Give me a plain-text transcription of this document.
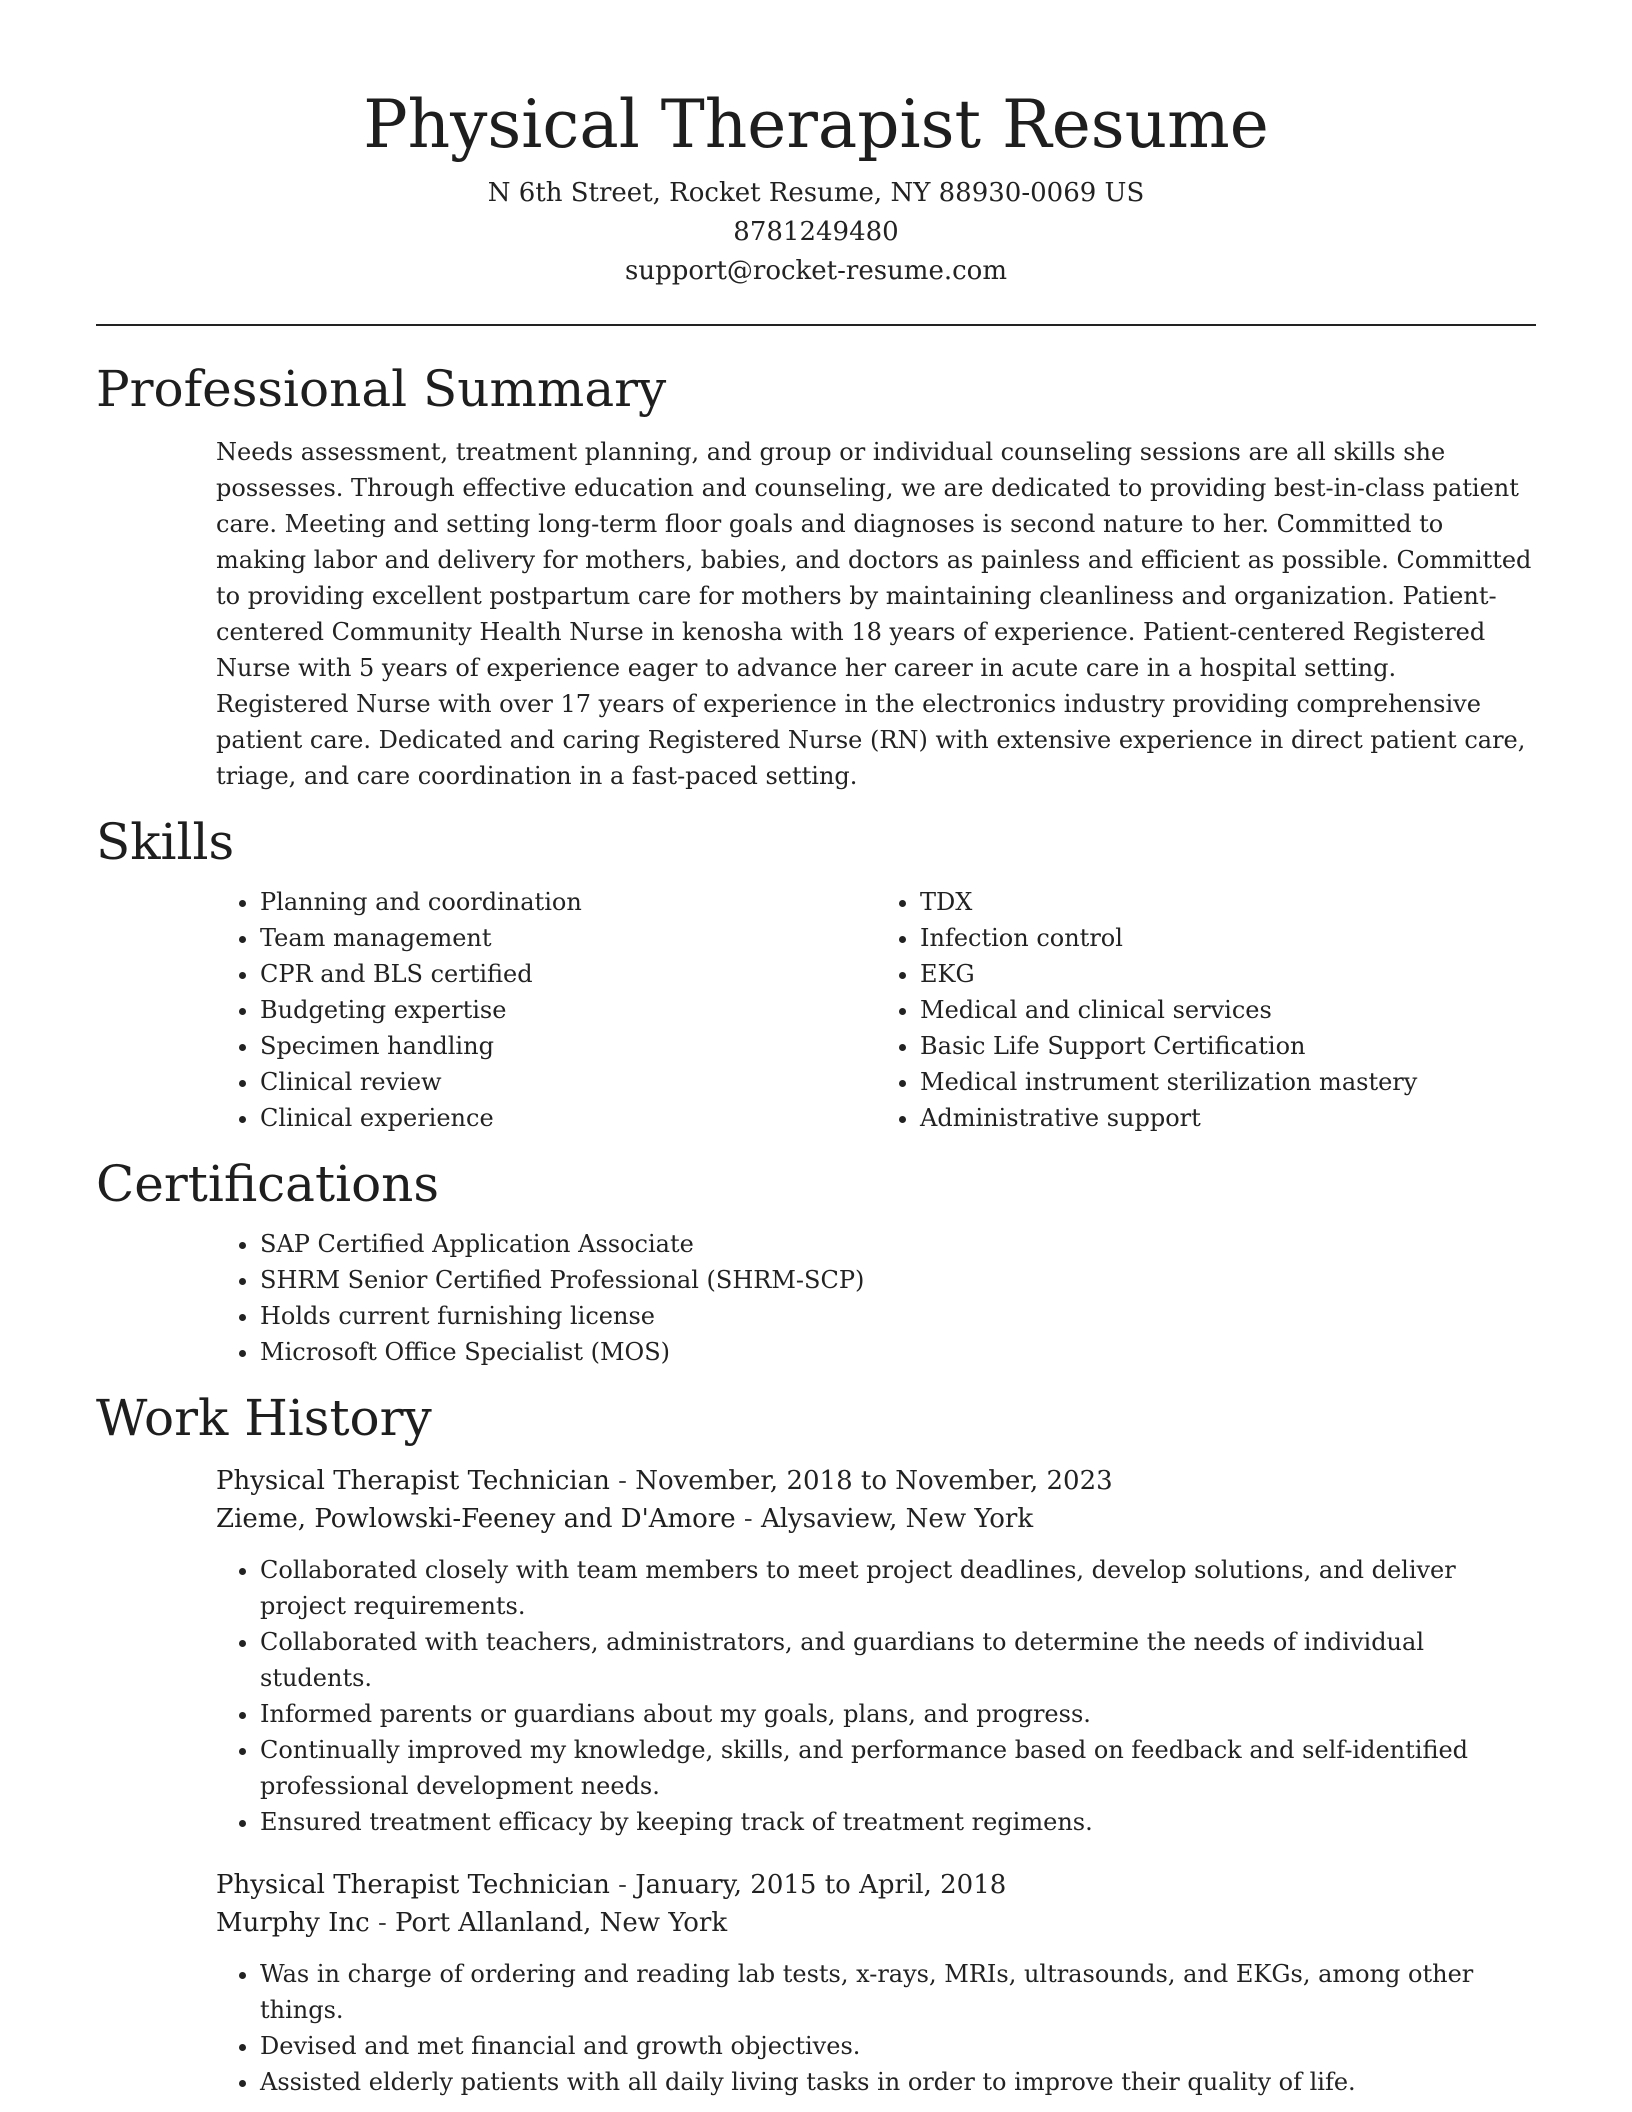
Physical Therapist Resume
N 6th Street, Rocket Resume, NY 88930-0069 US
8781249480
support@rocket-resume.com
Professional Summary
Needs assessment, treatment planning, and group or individual counseling sessions are all skills she possesses. Through effective education and counseling, we are dedicated to providing best-in-class patient care. Meeting and setting long-term floor goals and diagnoses is second nature to her. Committed to making labor and delivery for mothers, babies, and doctors as painless and efficient as possible. Committed to providing excellent postpartum care for mothers by maintaining cleanliness and organization. Patient-centered Community Health Nurse in kenosha with 18 years of experience. Patient-centered Registered Nurse with 5 years of experience eager to advance her career in acute care in a hospital setting. Registered Nurse with over 17 years of experience in the electronics industry providing comprehensive patient care. Dedicated and caring Registered Nurse (RN) with extensive experience in direct patient care, triage, and care coordination in a fast-paced setting.
Skills
• Planning and coordination
• Team management
• CPR and BLS certified
• Budgeting expertise
• Specimen handling
• Clinical review
• Clinical experience
• TDX
• Infection control
• EKG
• Medical and clinical services
• Basic Life Support Certification
• Medical instrument sterilization mastery
• Administrative support
Certifications
• SAP Certified Application Associate
• SHRM Senior Certified Professional (SHRM-SCP)
• Holds current furnishing license
• Microsoft Office Specialist (MOS)
Work History
Physical Therapist Technician - November, 2018 to November, 2023
Zieme, Powlowski-Feeney and D'Amore - Alysaview, New York
• Collaborated closely with team members to meet project deadlines, develop solutions, and deliver project requirements.
• Collaborated with teachers, administrators, and guardians to determine the needs of individual students.
• Informed parents or guardians about my goals, plans, and progress.
• Continually improved my knowledge, skills, and performance based on feedback and self-identified professional development needs.
• Ensured treatment efficacy by keeping track of treatment regimens.
Physical Therapist Technician - January, 2015 to April, 2018
Murphy Inc - Port Allanland, New York
• Was in charge of ordering and reading lab tests, x-rays, MRIs, ultrasounds, and EKGs, among other things.
• Devised and met financial and growth objectives.
• Assisted elderly patients with all daily living tasks in order to improve their quality of life.
